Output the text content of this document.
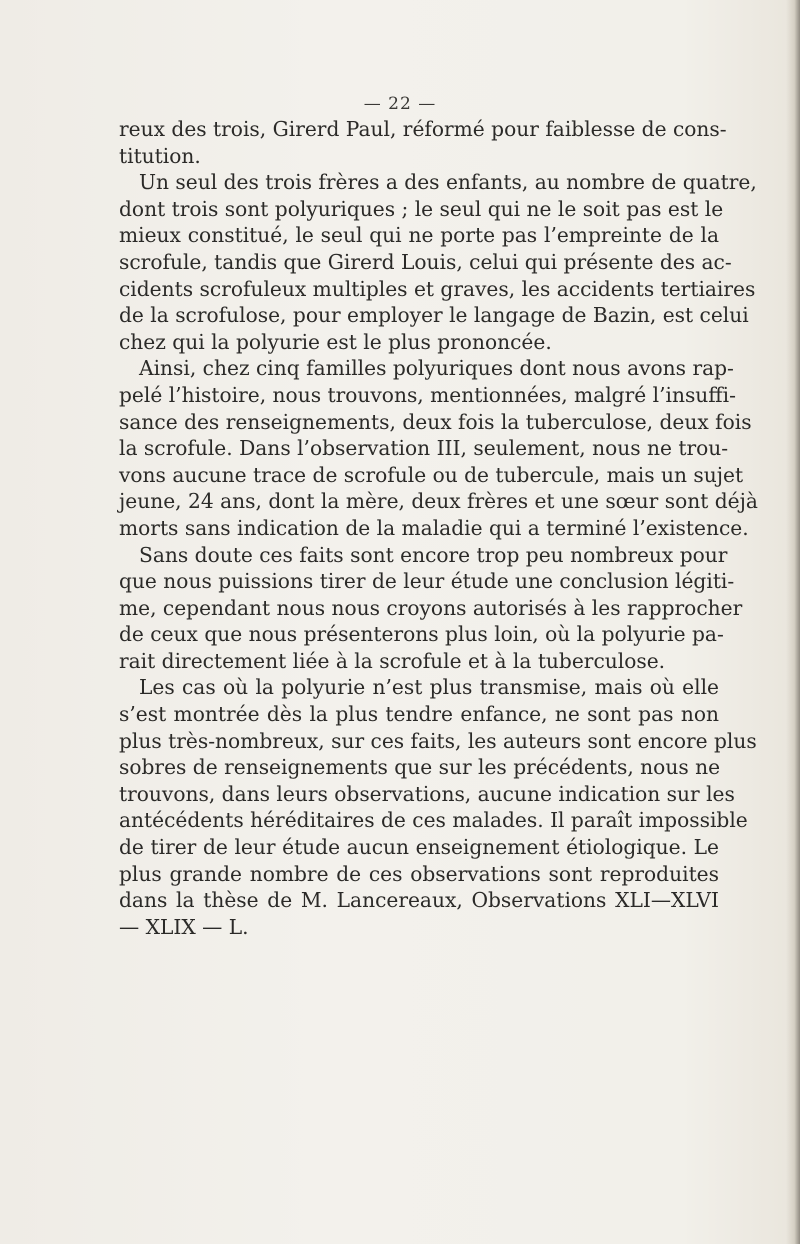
— 22 —
reux des trois, Girerd Paul, réformé pour faiblesse de cons-
titution.
Un seul des trois frères a des enfants, au nombre de quatre,
dont trois sont polyuriques ; le seul qui ne le soit pas est le
mieux constitué, le seul qui ne porte pas l’empreinte de la
scrofule, tandis que Girerd Louis, celui qui présente des ac-
cidents scrofuleux multiples et graves, les accidents tertiaires
de la scrofulose, pour employer le langage de Bazin, est celui
chez qui la polyurie est le plus prononcée.
Ainsi, chez cinq familles polyuriques dont nous avons rap-
pelé l’histoire, nous trouvons, mentionnées, malgré l’insuffi-
sance des renseignements, deux fois la tuberculose, deux fois
la scrofule. Dans l’observation III, seulement, nous ne trou-
vons aucune trace de scrofule ou de tubercule, mais un sujet
jeune, 24 ans, dont la mère, deux frères et une sœur sont déjà
morts sans indication de la maladie qui a terminé l’existence.
Sans doute ces faits sont encore trop peu nombreux pour
que nous puissions tirer de leur étude une conclusion légiti-
me, cependant nous nous croyons autorisés à les rapprocher
de ceux que nous présenterons plus loin, où la polyurie pa-
rait directement liée à la scrofule et à la tuberculose.
Les cas où la polyurie n’est plus transmise, mais où elle
s’est montrée dès la plus tendre enfance, ne sont pas non
plus très-nombreux, sur ces faits, les auteurs sont encore plus
sobres de renseignements que sur les précédents, nous ne
trouvons, dans leurs observations, aucune indication sur les
antécédents héréditaires de ces malades. Il paraît impossible
de tirer de leur étude aucun enseignement étiologique. Le
plus grande nombre de ces observations sont reproduites
dans la thèse de M. Lancereaux, Observations XLI—XLVI
— XLIX — L.
